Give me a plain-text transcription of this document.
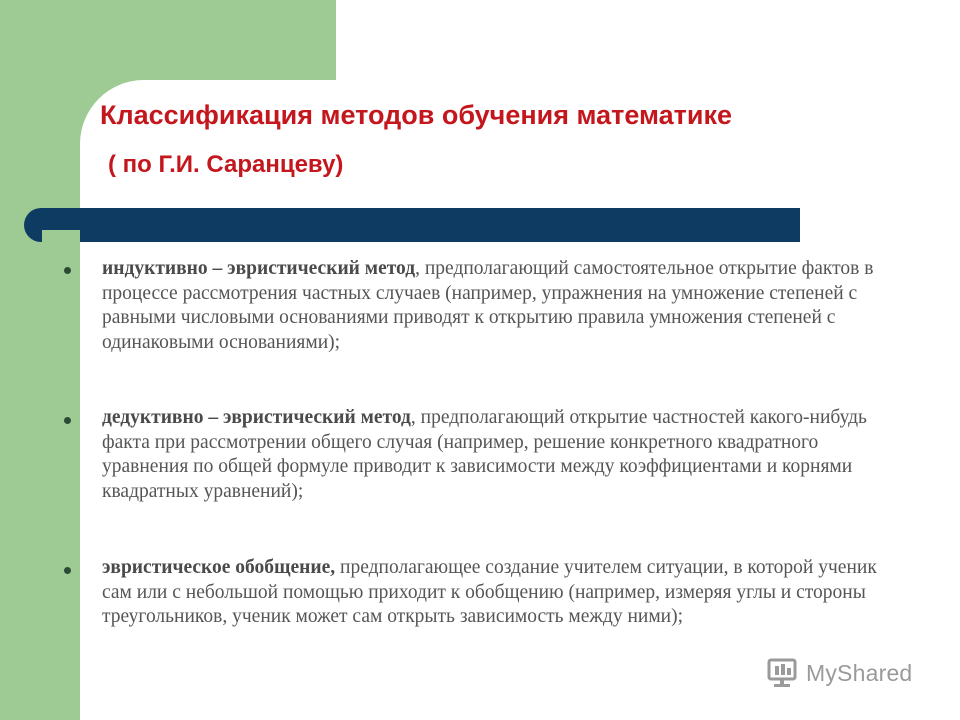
Классификация методов обучения математике
( по Г.И. Саранцеву)
индуктивно – эвристический метод, предполагающий самостоятельное открытие фактов в процессе рассмотрения частных случаев (например, упражнения на умножение степеней с равными числовыми основаниями приводят к открытию правила умножения степеней с одинаковыми основаниями);
дедуктивно – эвристический метод, предполагающий открытие частностей какого-нибудь факта при рассмотрении общего случая (например, решение конкретного квадратного уравнения по общей формуле приводит к зависимости между коэффициентами и корнями квадратных уравнений);
эвристическое обобщение, предполагающее создание учителем ситуации, в которой ученик сам или с небольшой помощью приходит к обобщению (например, измеряя углы и стороны треугольников, ученик может сам открыть зависимость между ними);
MyShared
